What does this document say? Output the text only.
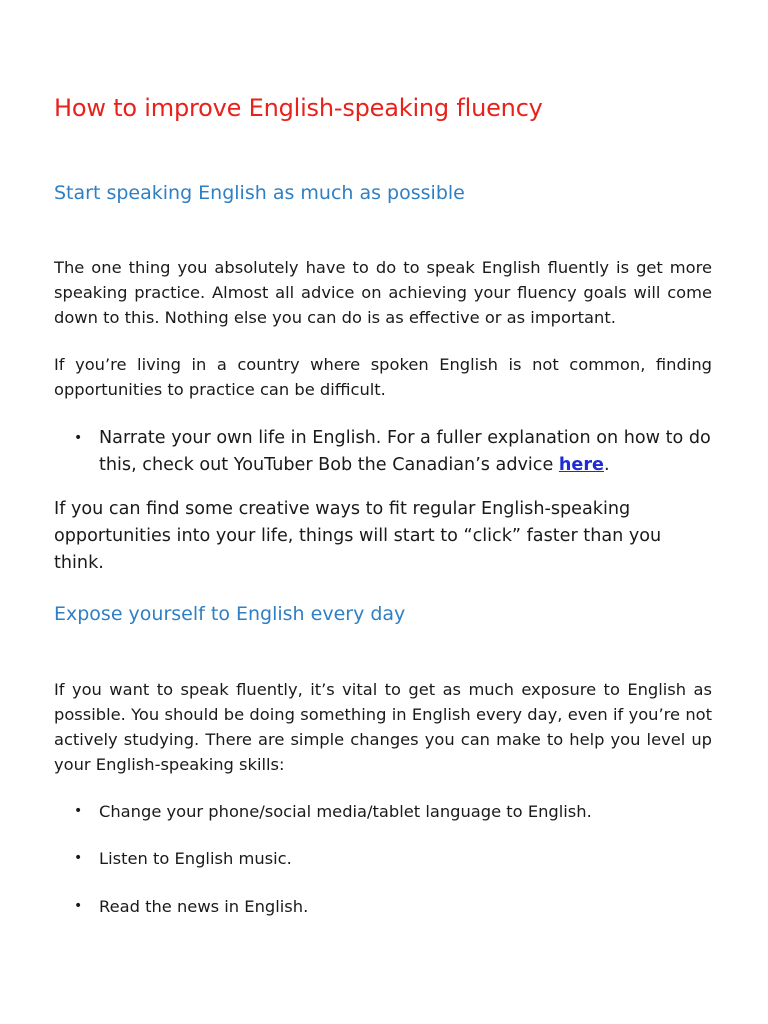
How to improve English-speaking fluency
Start speaking English as much as possible

The one thing you absolutely have to do to speak English fluently is get more speaking practice. Almost all advice on achieving your fluency goals will come down to this. Nothing else you can do is as effective or as important.

If you’re living in a country where spoken English is not common, finding opportunities to practice can be difficult.

• Narrate your own life in English. For a fuller explanation on how to do this, check out YouTuber Bob the Canadian’s advice here.

If you can find some creative ways to fit regular English-speaking opportunities into your life, things will start to “click” faster than you think.

Expose yourself to English every day

If you want to speak fluently, it’s vital to get as much exposure to English as possible. You should be doing something in English every day, even if you’re not actively studying. There are simple changes you can make to help you level up your English-speaking skills:

• Change your phone/social media/tablet language to English.
• Listen to English music.
• Read the news in English.
